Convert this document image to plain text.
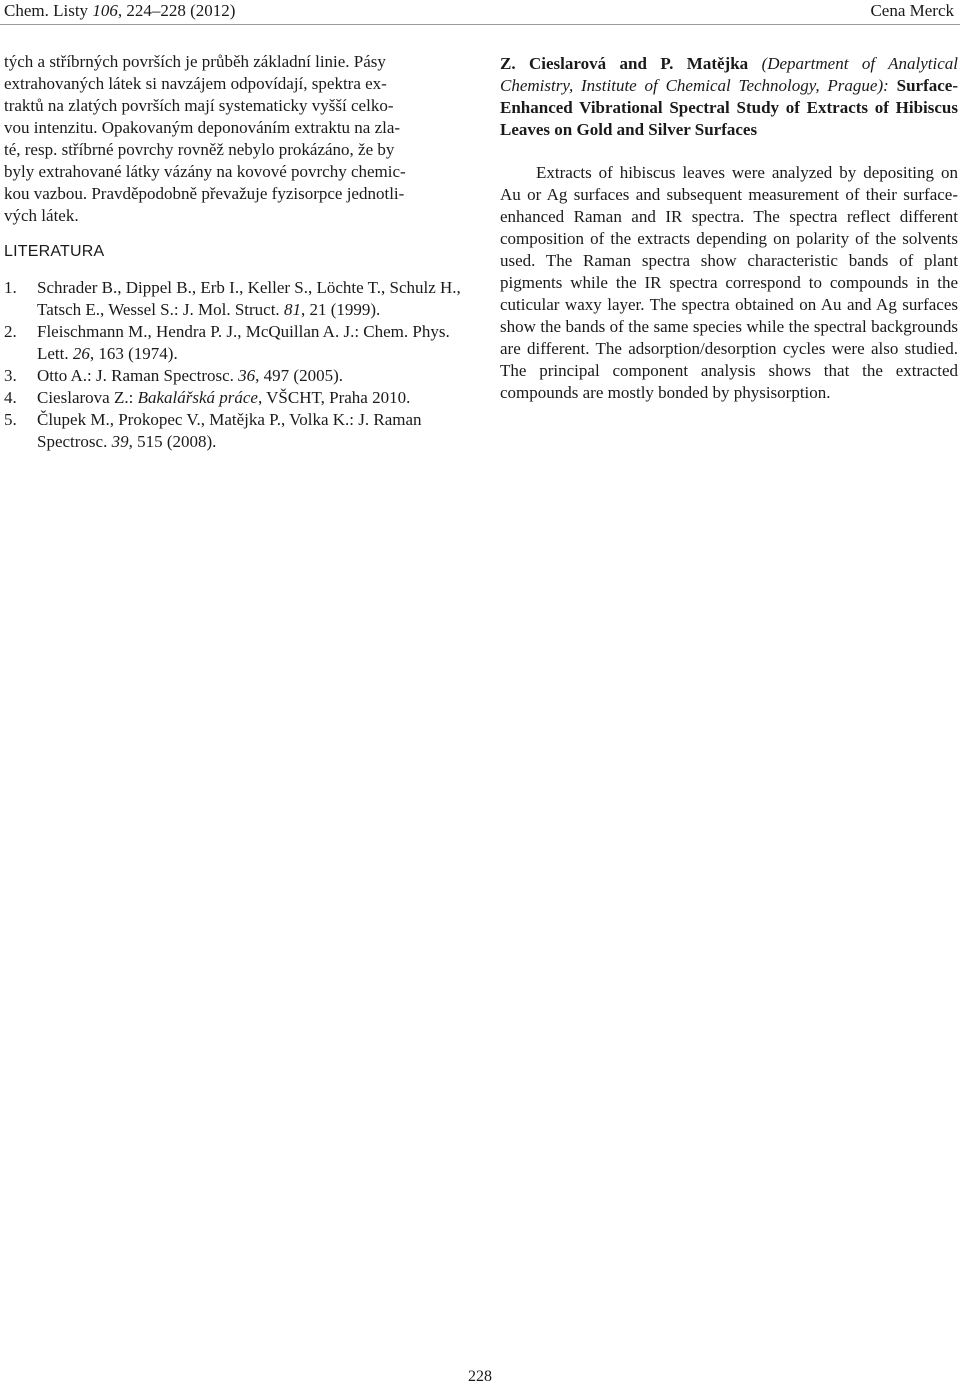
Chem. Listy 106, 224–228 (2012)	Cena Merck

tých a stříbrných površích je průběh základní linie. Pásy
extrahovaných látek si navzájem odpovídají, spektra ex-
traktů na zlatých površích mají systematicky vyšší celko-
vou intenzitu. Opakovaným deponováním extraktu na zla-
té, resp. stříbrné povrchy rovněž nebylo prokázáno, že by
byly extrahované látky vázány na kovové povrchy chemic-
kou vazbou. Pravděpodobně převažuje fyzisorpce jednotli-
vých látek.

LITERATURA
1.	Schrader B., Dippel B., Erb I., Keller S., Löchte T., Schulz H., Tatsch E., Wessel S.: J. Mol. Struct. 81, 21 (1999).
2.	Fleischmann M., Hendra P. J., McQuillan A. J.: Chem. Phys. Lett. 26, 163 (1974).
3.	Otto A.: J. Raman Spectrosc. 36, 497 (2005).
4.	Cieslarova Z.: Bakalářská práce, VŠCHT, Praha 2010.
5.	Člupek M., Prokopec V., Matějka P., Volka K.: J. Raman Spectrosc. 39, 515 (2008).

Z. Cieslarová and P. Matějka (Department of Analytical Chemistry, Institute of Chemical Technology, Prague): Surface-Enhanced Vibrational Spectral Study of Extracts of Hibiscus Leaves on Gold and Silver Surfaces

Extracts of hibiscus leaves were analyzed by depositing on Au or Ag surfaces and subsequent measurement of their surface-enhanced Raman and IR spectra. The spectra reflect different composition of the extracts depending on polarity of the solvents used. The Raman spectra show characteristic bands of plant pigments while the IR spectra correspond to compounds in the cuticular waxy layer. The spectra obtained on Au and Ag surfaces show the bands of the same species while the spectral backgrounds are different. The adsorption/desorption cycles were also studied. The principal component analysis shows that the extracted compounds are mostly bonded by physisorption.

228
